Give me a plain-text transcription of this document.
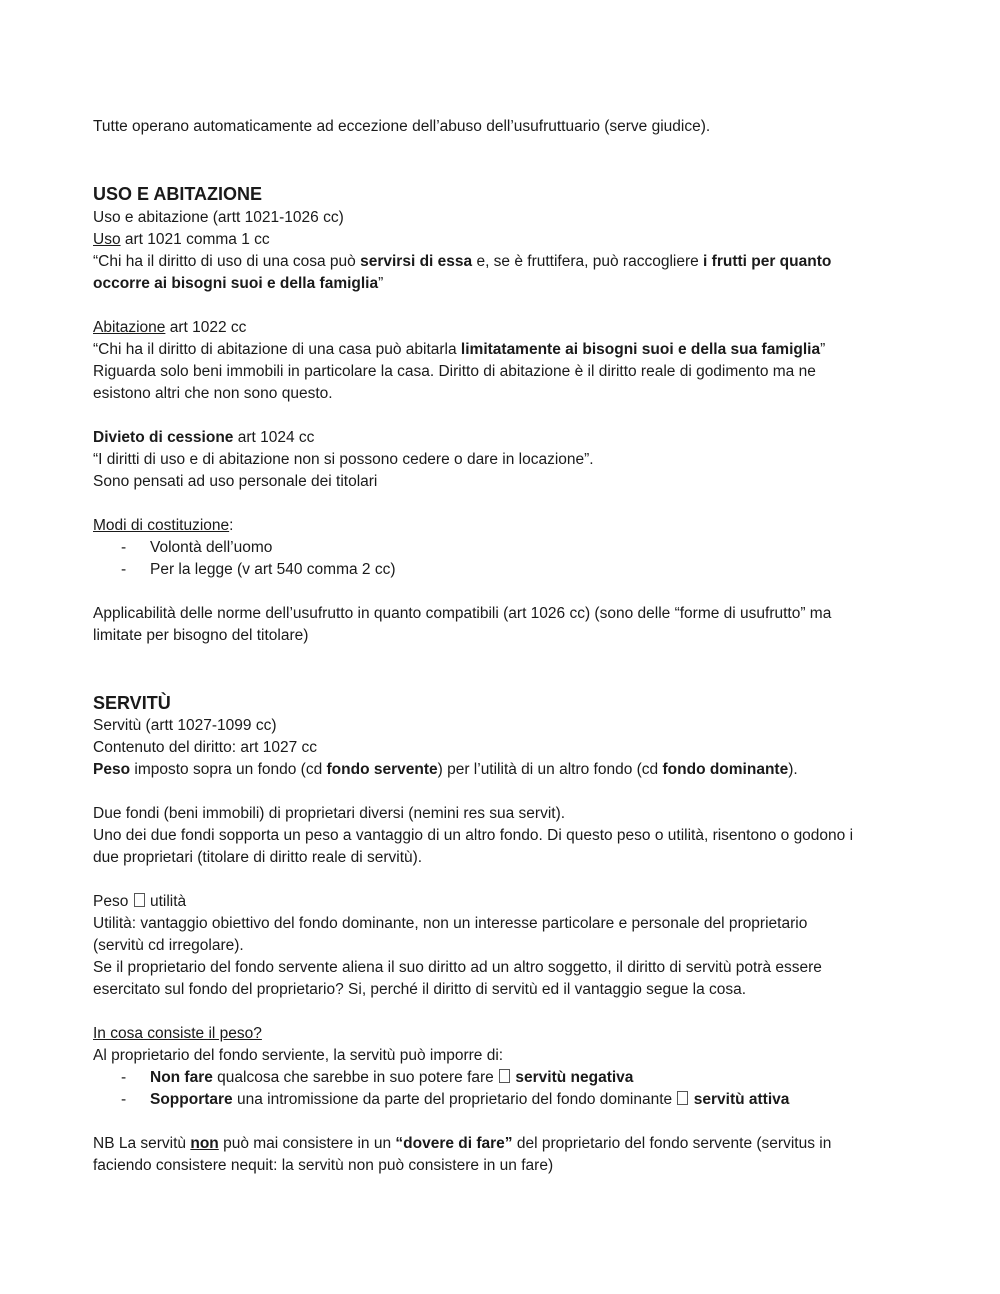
Tutte operano automaticamente ad eccezione dell’abuso dell’usufruttuario (serve giudice).
USO E ABITAZIONE
Uso e abitazione (artt 1021-1026 cc)
Uso art 1021 comma 1 cc
“Chi ha il diritto di uso di una cosa può servirsi di essa e, se è fruttifera, può raccogliere i frutti per quanto
occorre ai bisogni suoi e della famiglia”
Abitazione art 1022 cc
“Chi ha il diritto di abitazione di una casa può abitarla limitatamente ai bisogni suoi e della sua famiglia”
Riguarda solo beni immobili in particolare la casa. Diritto di abitazione è il diritto reale di godimento ma ne
esistono altri che non sono questo.
Divieto di cessione art 1024 cc
“I diritti di uso e di abitazione non si possono cedere o dare in locazione”.
Sono pensati ad uso personale dei titolari
Modi di costituzione:
- Volontà dell’uomo
- Per la legge (v art 540 comma 2 cc)
Applicabilità delle norme dell’usufrutto in quanto compatibili (art 1026 cc) (sono delle “forme di usufrutto” ma
limitate per bisogno del titolare)
SERVITÙ
Servitù (artt 1027-1099 cc)
Contenuto del diritto: art 1027 cc
Peso imposto sopra un fondo (cd fondo servente) per l’utilità di un altro fondo (cd fondo dominante).
Due fondi (beni immobili) di proprietari diversi (nemini res sua servit).
Uno dei due fondi sopporta un peso a vantaggio di un altro fondo. Di questo peso o utilità, risentono o godono i
due proprietari (titolare di diritto reale di servitù).
Peso  utilità
Utilità: vantaggio obiettivo del fondo dominante, non un interesse particolare e personale del proprietario
(servitù cd irregolare).
Se il proprietario del fondo servente aliena il suo diritto ad un altro soggetto, il diritto di servitù potrà essere
esercitato sul fondo del proprietario? Si, perché il diritto di servitù ed il vantaggio segue la cosa.
In cosa consiste il peso?
Al proprietario del fondo serviente, la servitù può imporre di:
- Non fare qualcosa che sarebbe in suo potere fare  servitù negativa
- Sopportare una intromissione da parte del proprietario del fondo dominante  servitù attiva
NB La servitù non può mai consistere in un “dovere di fare” del proprietario del fondo servente (servitus in
faciendo consistere nequit: la servitù non può consistere in un fare)
